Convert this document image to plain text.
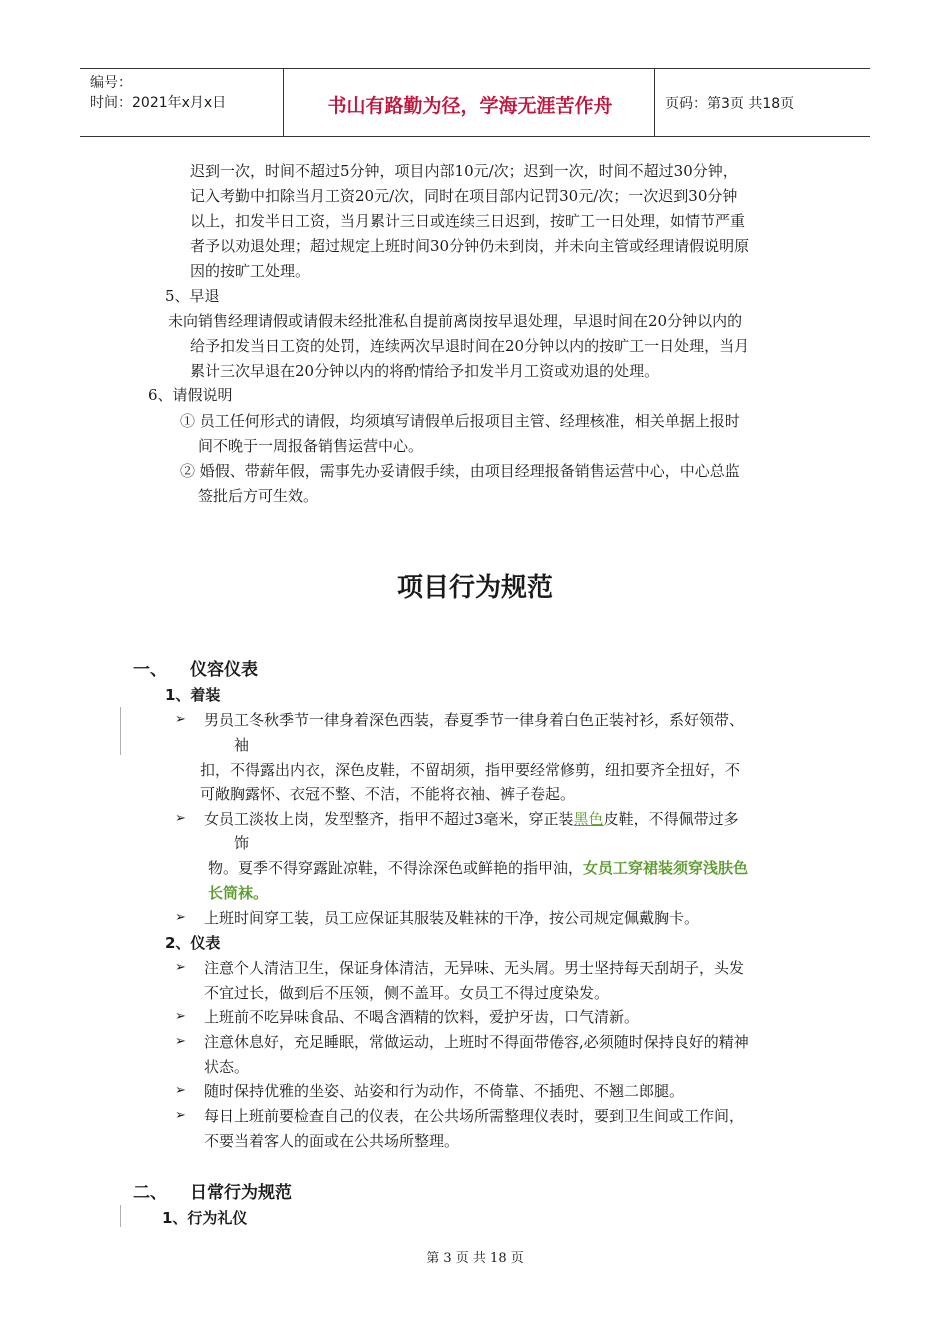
编号：
时间：2021年x月x日	书山有路勤为径，学海无涯苦作舟	页码：第3页 共18页
迟到一次，时间不超过5分钟，项目内部10元/次；迟到一次，时间不超过30分钟，
记入考勤中扣除当月工资20元/次，同时在项目部内记罚30元/次；一次迟到30分钟
以上，扣发半日工资，当月累计三日或连续三日迟到，按旷工一日处理，如情节严重
者予以劝退处理；超过规定上班时间30分钟仍未到岗，并未向主管或经理请假说明原
因的按旷工处理。
5、早退
未向销售经理请假或请假未经批准私自提前离岗按早退处理，早退时间在20分钟以内的
给予扣发当日工资的处罚，连续两次早退时间在20分钟以内的按旷工一日处理，当月
累计三次早退在20分钟以内的将酌情给予扣发半月工资或劝退的处理。
6、请假说明
① 员工任何形式的请假，均须填写请假单后报项目主管、经理核准，相关单据上报时
间不晚于一周报备销售运营中心。
② 婚假、带薪年假，需事先办妥请假手续，由项目经理报备销售运营中心，中心总监
签批后方可生效。
项目行为规范
一、 仪容仪表
1、着装
➢ 男员工冬秋季节一律身着深色西装，春夏季节一律身着白色正装衬衫，系好领带、
袖
扣，不得露出内衣，深色皮鞋，不留胡须，指甲要经常修剪，纽扣要齐全扭好，不
可敞胸露怀、衣冠不整、不洁，不能将衣袖、裤子卷起。
➢ 女员工淡妆上岗，发型整齐，指甲不超过3毫米，穿正装黑色皮鞋，不得佩带过多
饰
物。夏季不得穿露趾凉鞋，不得涂深色或鲜艳的指甲油，女员工穿裙装须穿浅肤色
长筒袜。
➢ 上班时间穿工装，员工应保证其服装及鞋袜的干净，按公司规定佩戴胸卡。
2、仪表
➢ 注意个人清洁卫生，保证身体清洁，无异味、无头屑。男士坚持每天刮胡子，头发
不宜过长，做到后不压领，侧不盖耳。女员工不得过度染发。
➢ 上班前不吃异味食品、不喝含酒精的饮料，爱护牙齿，口气清新。
➢ 注意休息好，充足睡眠，常做运动，上班时不得面带倦容,必须随时保持良好的精神
状态。
➢ 随时保持优雅的坐姿、站姿和行为动作，不倚靠、不插兜、不翘二郎腿。
➢ 每日上班前要检查自己的仪表，在公共场所需整理仪表时，要到卫生间或工作间，
不要当着客人的面或在公共场所整理。
二、 日常行为规范
1、行为礼仪
第 3 页 共 18 页
